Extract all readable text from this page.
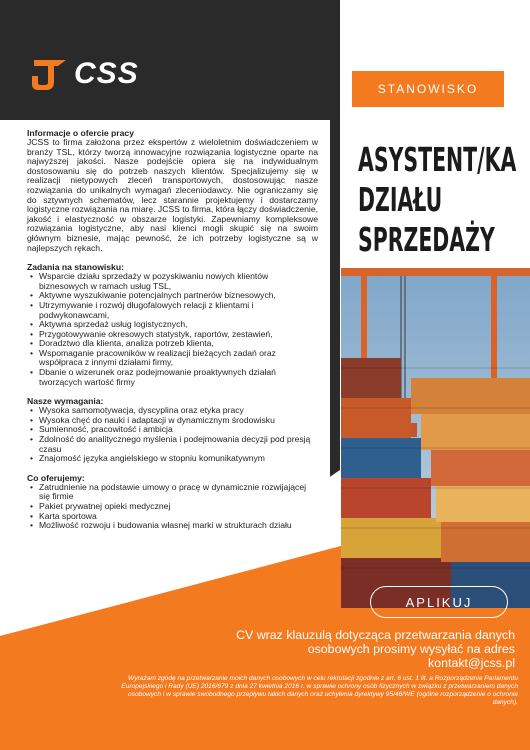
CSS	STANOWISKO
ASYSTENT/KA
DZIAŁU
SPRZEDAŻY
Informacje o ofercie pracy

JCSS to firma założona przez ekspertów z wieloletnim doświadczeniem w branży TSL, którzy tworzą innowacyjne rozwiązania logistyczne oparte na najwyższej jakości. Nasze podejście opiera się na indywidualnym dostosowaniu się do potrzeb naszych klientów. Specjalizujemy się w realizacji nietypowych zleceń transportowych, dostosowując nasze rozwiązania do unikalnych wymagań zleceniodawcy. Nie ograniczamy się do sztywnych schematów, lecz starannie projektujemy i dostarczamy logistyczne rozwiązania na miarę. JCSS to firma, która łączy doświadczenie, jakość i elastyczność w obszarze logistyki. Zapewniamy kompleksowe rozwiązania logistyczne, aby nasi klienci mogli skupić się na swoim głównym biznesie, mając pewność, że ich potrzeby logistyczne są w najlepszych rękach.

Zadania na stanowisku:
• Wsparcie działu sprzedaży w pozyskiwaniu nowych klientów biznesowych w ramach usług TSL,
• Aktywne wyszukiwanie potencjalnych partnerów biznesowych,
• Utrzymywanie i rozwój długofalowych relacji z klientami i podwykonawcami,
• Aktywna sprzedaż usług logistycznych,
• Przygotowywanie okresowych statystyk, raportów, zestawień,
• Doradztwo dla klienta, analiza potrzeb klienta,
• Wspomaganie pracowników w realizacji bieżących zadań oraz współpraca z innymi działami firmy,
• Dbanie o wizerunek oraz podejmowanie proaktywnych działań tworzących wartość firmy
Nasze wymagania:
• Wysoka samomotywacja, dyscyplina oraz etyka pracy
• Wysoka chęć do nauki i adaptacji w dynamicznym środowisku
• Sumienność, pracowitość i ambicja
• Zdolność do analitycznego myślenia i podejmowania decyzji pod presją czasu
• Znajomość języka angielskiego w stopniu komunikatywnym
Co oferujemy:
• Zatrudnienie na podstawie umowy o pracę w dynamicznie rozwijającej się firmie
• Pakiet prywatnej opieki medycznej
• Karta sportowa
• Możliwość rozwoju i budowania własnej marki w strukturach działu
APLIKUJ
CV wraz klauzulą dotycząca przetwarzania danych osobowych prosimy wysyłać na adres kontakt@jcss.pl
Wyrażam zgodę na przetwarzanie moich danych osobowych w celu rekrutacji zgodnie z art. 6 ust. 1 lit. a Rozporządzenia Parlamentu Europejskiego i Rady (UE) 2016/679 z dnia 27 kwietnia 2016 r. w sprawie ochrony osób fizycznych w związku z przetwarzaniem danych osobowych i w sprawie swobodnego przepływu takich danych oraz uchylenia dyrektywy 95/46/WE (ogólne rozporządzenie o ochronie danych).
